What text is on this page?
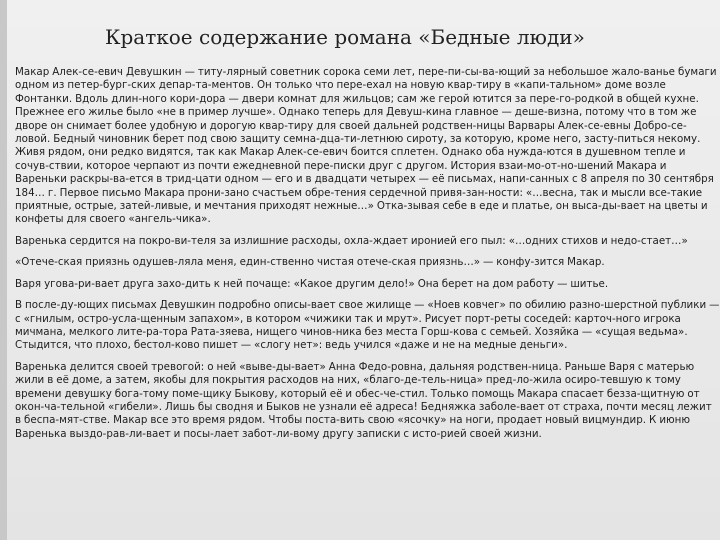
Краткое содержание романа «Бедные люди»

Макар Алек-се-евич Девушкин — титу-лярный советник сорока семи лет, пере-пи-сы-ва-ющий за небольшое жало-ванье бумаги одном из петер-бург-ских депар-та-ментов. Он только что пере-ехал на новую квар-тиру в «капи-тальном» доме возле Фонтанки. Вдоль длин-ного кори-дора — двери комнат для жильцов; сам же герой ютится за пере-го-родкой в общей кухне. Прежнее его жилье было «не в пример лучше». Однако теперь для Девуш-кина главное — деше-визна, потому что в том же дворе он снимает более удобную и дорогую квар-тиру для своей дальней родствен-ницы Варвары Алек-се-евны Добро-се-ловой. Бедный чиновник берет под свою защиту семна-дца-ти-летнюю сироту, за которую, кроме него, засту-питься некому. Живя рядом, они редко видятся, так как Макар Алек-се-евич боится сплетен. Однако оба нужда-ются в душевном тепле и сочув-ствии, которое черпают из почти ежедневной пере-писки друг с другом. История взаи-мо-от-но-шений Макара и Вареньки раскры-ва-ется в трид-цати одном — его и в двадцати четырех — её письмах, напи-санных с 8 апреля по 30 сентября 184… г. Первое письмо Макара прони-зано счастьем обре-тения сердечной привя-зан-ности: «…весна, так и мысли все-такие приятные, острые, затей-ливые, и мечтания приходят нежные…» Отка-зывая себе в еде и платье, он выса-ды-вает на цветы и конфеты для своего «ангель-чика».

Варенька сердится на покро-ви-теля за излишние расходы, охла-ждает иронией его пыл: «…одних стихов и недо-стает…»

«Отече-ская приязнь одушев-ляла меня, един-ственно чистая отече-ская приязнь…» — конфу-зится Макар.

Варя угова-ри-вает друга захо-дить к ней почаще: «Какое другим дело!» Она берет на дом работу — шитье.

В после-ду-ющих письмах Девушкин подробно описы-вает свое жилище — «Ноев ковчег» по обилию разно-шерстной публики — с «гнилым, остро-усла-щенным запахом», в котором «чижики так и мрут». Рисует порт-реты соседей: карточ-ного игрока мичмана, мелкого лите-ра-тора Рата-зяева, нищего чинов-ника без места Горш-кова с семьей. Хозяйка — «сущая ведьма». Стыдится, что плохо, бестол-ково пишет — «слогу нет»: ведь учился «даже и не на медные деньги».

Варенька делится своей тревогой: о ней «выве-ды-вает» Анна Федо-ровна, дальняя родствен-ница. Раньше Варя с матерью жили в её доме, а затем, якобы для покрытия расходов на них, «благо-де-тель-ница» пред-ло-жила осиро-тевшую к тому времени девушку бога-тому поме-щику Быкову, который её и обес-че-стил. Только помощь Макара спасает безза-щитную от окон-ча-тельной «гибели». Лишь бы сводня и Быков не узнали её адреса! Бедняжка заболе-вает от страха, почти месяц лежит в беспа-мят-стве. Макар все это время рядом. Чтобы поста-вить свою «ясочку» на ноги, продает новый вицмундир. К июню Варенька выздо-рав-ли-вает и посы-лает забот-ли-вому другу записки с исто-рией своей жизни.
